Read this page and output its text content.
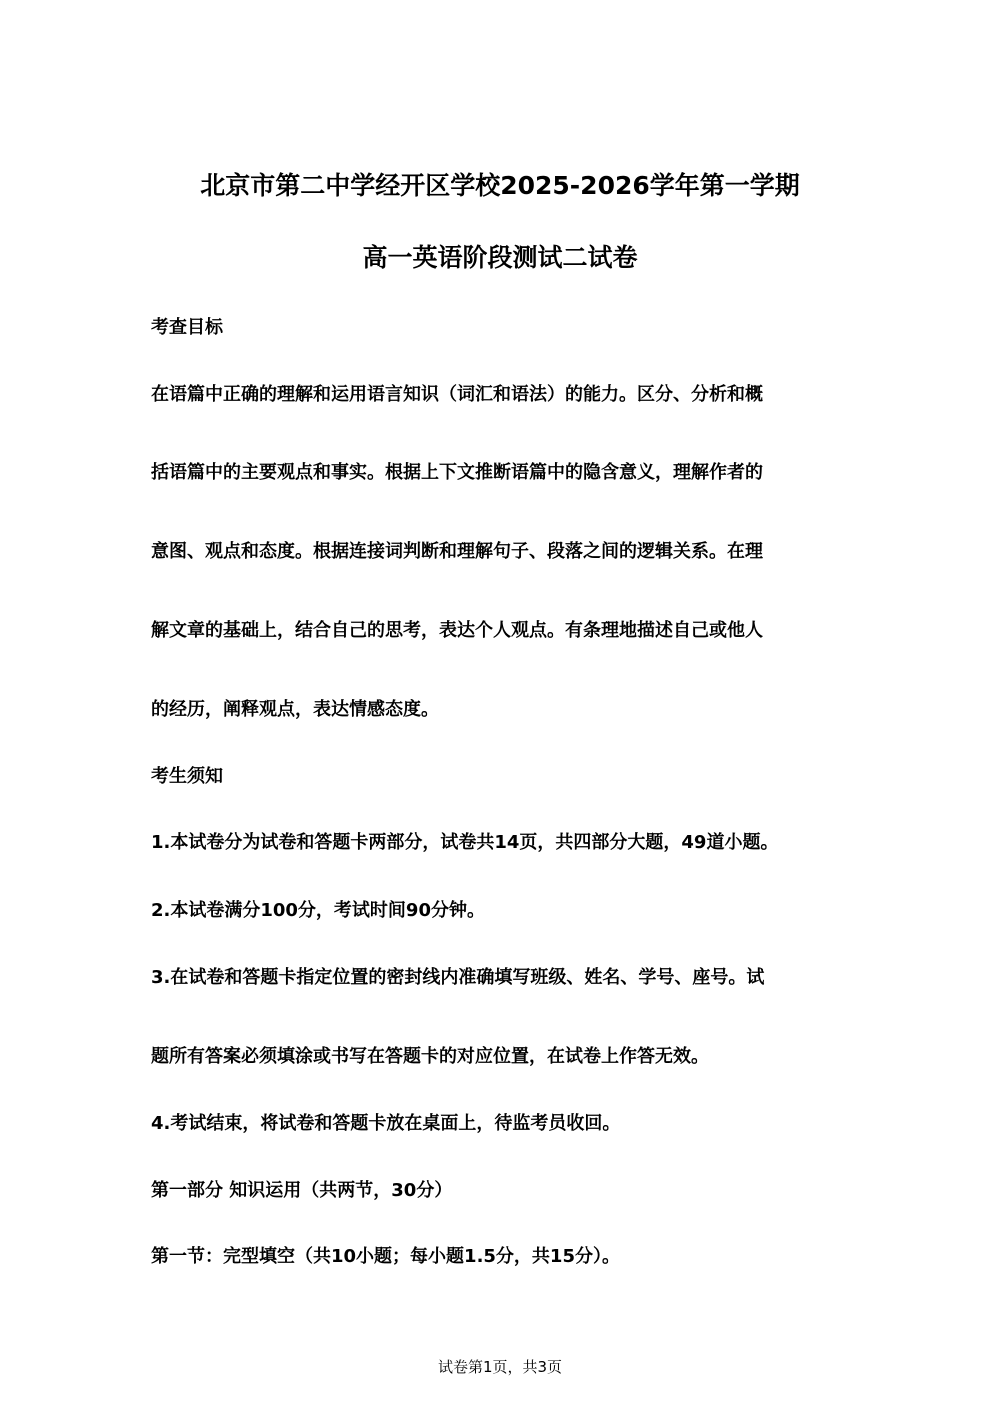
北京市第二中学经开区学校2025-2026学年第一学期
高一英语阶段测试二试卷
考查目标
在语篇中正确的理解和运用语言知识（词汇和语法）的能力。区分、分析和概
括语篇中的主要观点和事实。根据上下文推断语篇中的隐含意义，理解作者的
意图、观点和态度。根据连接词判断和理解句子、段落之间的逻辑关系。在理
解文章的基础上，结合自己的思考，表达个人观点。有条理地描述自己或他人
的经历，阐释观点，表达情感态度。
考生须知
1.本试卷分为试卷和答题卡两部分，试卷共14页，共四部分大题，49道小题。
2.本试卷满分100分，考试时间90分钟。
3.在试卷和答题卡指定位置的密封线内准确填写班级、姓名、学号、座号。试
题所有答案必须填涂或书写在答题卡的对应位置，在试卷上作答无效。
4.考试结束，将试卷和答题卡放在桌面上，待监考员收回。
第一部分 知识运用（共两节，30分）
第一节：完型填空（共10小题；每小题1.5分，共15分）。
试卷第1页，共3页
